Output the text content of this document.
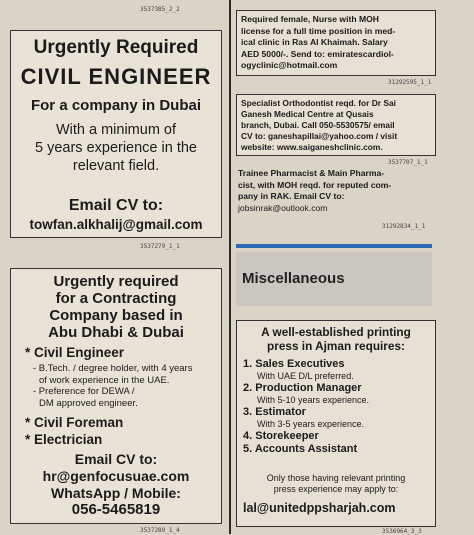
3537385_2_2
Urgently Required
CIVIL ENGINEER
For a company in Dubai
With a minimum of
5 years experience in the
relevant field.
Email CV to:
towfan.alkhalij@gmail.com
3537279_1_1
Urgently required
for a Contracting
Company based in
Abu Dhabi & Dubai
* Civil Engineer
- B.Tech. / degree holder, with 4 years
of work experience in the UAE.
- Preference for DEWA /
DM approved engineer.
* Civil Foreman
* Electrician
Email CV to:
hr@genfocusuae.com
WhatsApp / Mobile:
056-5465819
3537289_1_4
Required female, Nurse with MOH
license for a full time position in med-
ical clinic in Ras Al Khaimah. Salary
AED 5000/-. Send to: emiratescardiol-
ogyclinic@hotmail.com
31292595_1_1
Specialist Orthodontist reqd. for Dr Sai
Ganesh Medical Centre at Qusais
branch, Dubai. Call 050-5530575/ email
CV to: ganeshapillai@yahoo.com / visit
website: www.saiganeshclinic.com.
3537707_1_1
Trainee Pharmacist & Main Pharma-
cist, with MOH reqd. for reputed com-
pany in RAK. Email CV to:
jobsinrak@outlook.com
31292834_1_1
Miscellaneous
A well-established printing
press in Ajman requires:
1. Sales Executives
With UAE D/L preferred.
2. Production Manager
With 5-10 years experience.
3. Estimator
With 3-5 years experience.
4. Storekeeper
5. Accounts Assistant
Only those having relevant printing
press experience may apply to:
lal@unitedppsharjah.com
3536964_3_3
